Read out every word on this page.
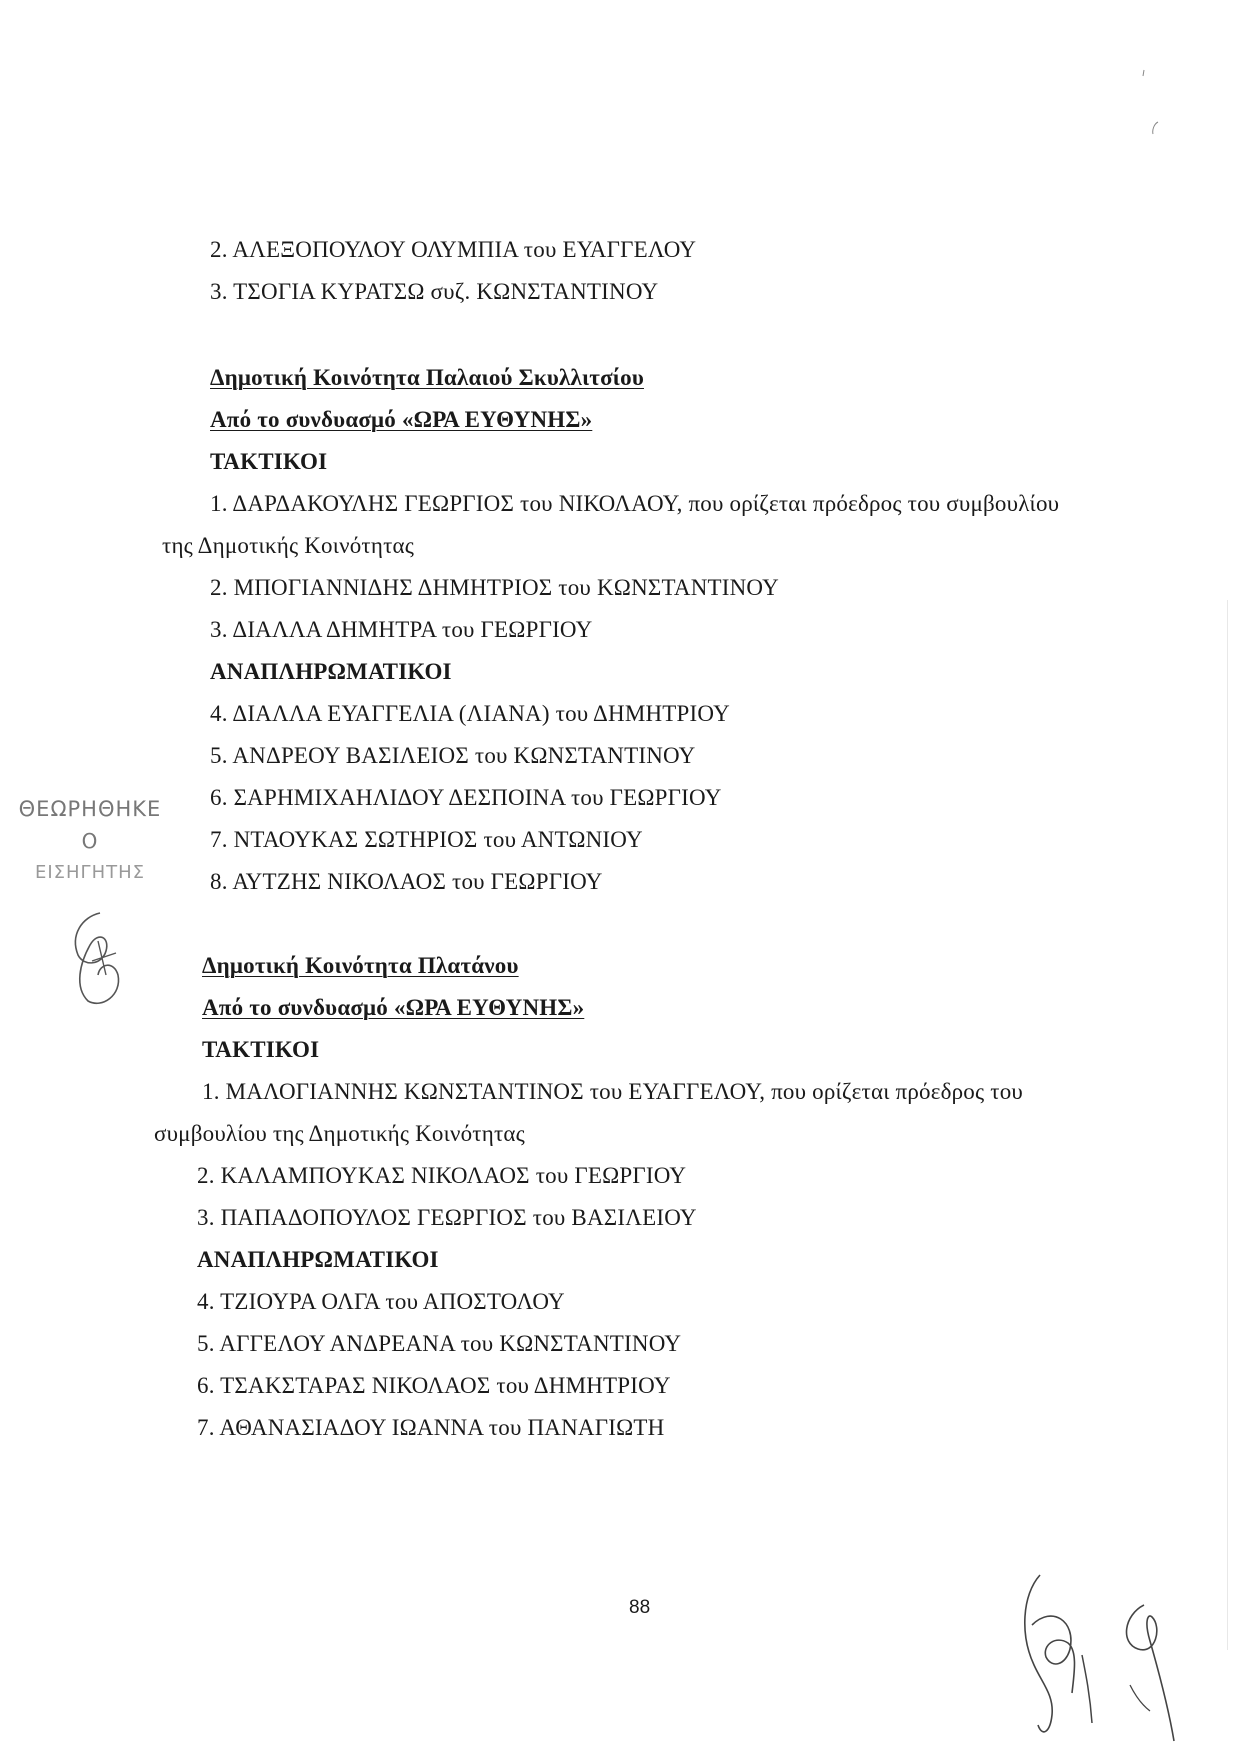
2. ΑΛΕΞΟΠΟΥΛΟΥ ΟΛΥΜΠΙΑ του ΕΥΑΓΓΕΛΟΥ
3. ΤΣΟΓΙΑ ΚΥΡΑΤΣΩ συζ. ΚΩΝΣΤΑΝΤΙΝΟΥ
Δημοτική Κοινότητα Παλαιού Σκυλλιτσίου
Από το συνδυασμό «ΩΡΑ ΕΥΘΥΝΗΣ»
ΤΑΚΤΙΚΟΙ
1. ΔΑΡΔΑΚΟΥΛΗΣ ΓΕΩΡΓΙΟΣ του ΝΙΚΟΛΑΟΥ, που ορίζεται πρόεδρος του συμβουλίου
της Δημοτικής Κοινότητας
2. ΜΠΟΓΙΑΝΝΙΔΗΣ ΔΗΜΗΤΡΙΟΣ του ΚΩΝΣΤΑΝΤΙΝΟΥ
3. ΔΙΑΛΛΑ ΔΗΜΗΤΡΑ του ΓΕΩΡΓΙΟΥ
ΑΝΑΠΛΗΡΩΜΑΤΙΚΟΙ
4. ΔΙΑΛΛΑ ΕΥΑΓΓΕΛΙΑ (ΛΙΑΝΑ) του ΔΗΜΗΤΡΙΟΥ
5. ΑΝΔΡΕΟΥ ΒΑΣΙΛΕΙΟΣ του ΚΩΝΣΤΑΝΤΙΝΟΥ
6. ΣΑΡΗΜΙΧΑΗΛΙΔΟΥ ΔΕΣΠΟΙΝΑ του ΓΕΩΡΓΙΟΥ
7. ΝΤΑΟΥΚΑΣ ΣΩΤΗΡΙΟΣ του ΑΝΤΩΝΙΟΥ
8. ΑΥΤΖΗΣ ΝΙΚΟΛΑΟΣ του ΓΕΩΡΓΙΟΥ
ΘΕΩΡΗΘΗΚΕ
Ο
ΕΙΣΗΓΗΤΗΣ
Δημοτική Κοινότητα Πλατάνου
Από το συνδυασμό «ΩΡΑ ΕΥΘΥΝΗΣ»
ΤΑΚΤΙΚΟΙ
1. ΜΑΛΟΓΙΑΝΝΗΣ ΚΩΝΣΤΑΝΤΙΝΟΣ του ΕΥΑΓΓΕΛΟΥ, που ορίζεται πρόεδρος του
συμβουλίου της Δημοτικής Κοινότητας
2. ΚΑΛΑΜΠΟΥΚΑΣ ΝΙΚΟΛΑΟΣ του ΓΕΩΡΓΙΟΥ
3. ΠΑΠΑΔΟΠΟΥΛΟΣ ΓΕΩΡΓΙΟΣ του ΒΑΣΙΛΕΙΟΥ
ΑΝΑΠΛΗΡΩΜΑΤΙΚΟΙ
4. ΤΖΙΟΥΡΑ ΟΛΓΑ του ΑΠΟΣΤΟΛΟΥ
5. ΑΓΓΕΛΟΥ ΑΝΔΡΕΑΝΑ του ΚΩΝΣΤΑΝΤΙΝΟΥ
6. ΤΣΑΚΣΤΑΡΑΣ ΝΙΚΟΛΑΟΣ του ΔΗΜΗΤΡΙΟΥ
7. ΑΘΑΝΑΣΙΑΔΟΥ ΙΩΑΝΝΑ του ΠΑΝΑΓΙΩΤΗ
88
